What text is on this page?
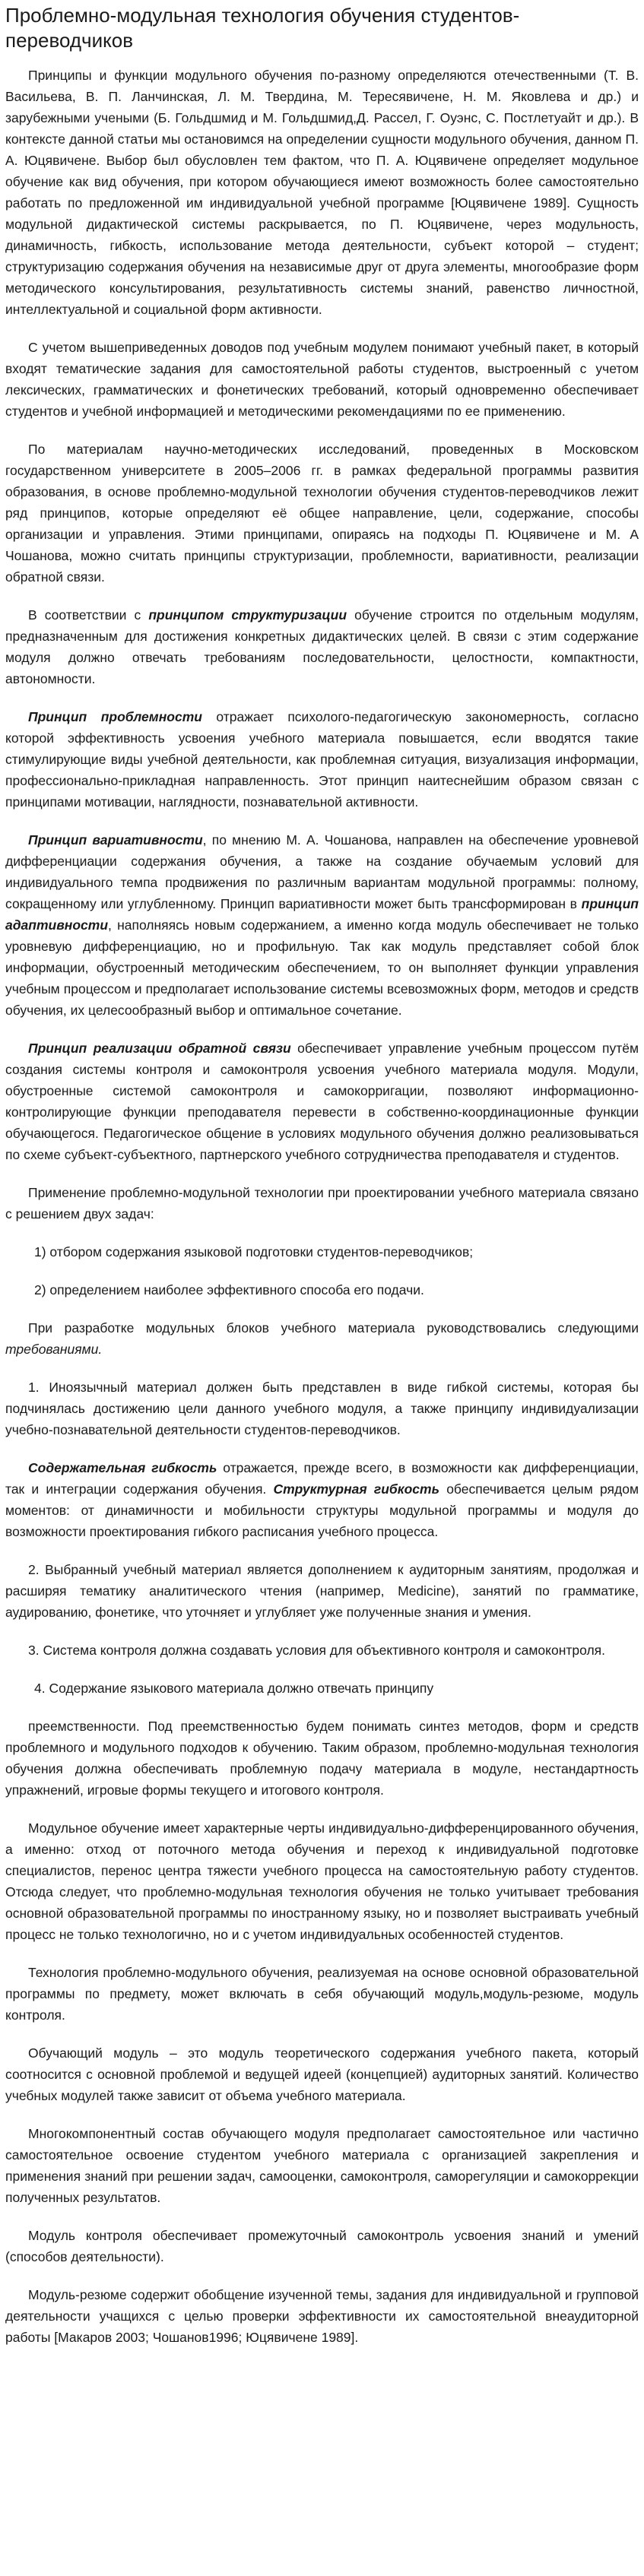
Проблемно-модульная технология обучения студентов-переводчиков

Принципы и функции модульного обучения по-разному определяются отечественными (Т. В. Васильева, В. П. Ланчинская, Л. М. Твердина, М. Тересявичене, Н. М. Яковлева и др.) и зарубежными учеными (Б. Гольдшмид и М. Гольдшмид,Д. Рассел, Г. Оуэнс, С. Постлетуайт и др.). В контексте данной статьи мы остановимся на определении сущности модульного обучения, данном П. А. Юцявичене. Выбор был обусловлен тем фактом, что П. А. Юцявичене определяет модульное обучение как вид обучения, при котором обучающиеся имеют возможность более самостоятельно работать по предложенной им индивидуальной учебной программе [Юцявичене 1989]. Сущность модульной дидактической системы раскрывается, по П. Юцявичене, через модульность, динамичность, гибкость, использование метода деятельности, субъект которой – студент; структуризацию содержания обучения на независимые друг от друга элементы, многообразие форм методического консультирования, результативность системы знаний, равенство личностной, интеллектуальной и социальной форм активности.

С учетом вышеприведенных доводов под учебным модулем понимают учебный пакет, в который входят тематические задания для самостоятельной работы студентов, выстроенный с учетом лексических, грамматических и фонетических требований, который одновременно обеспечивает студентов и учебной информацией и методическими рекомендациями по ее применению.

По материалам научно-методических исследований, проведенных в Московском государственном университете в 2005–2006 гг. в рамках федеральной программы развития образования, в основе проблемно-модульной технологии обучения студентов-переводчиков лежит ряд принципов, которые определяют её общее направление, цели, содержание, способы организации и управления. Этими принципами, опираясь на подходы П. Юцявичене и М. А Чошанова, можно считать принципы структуризации, проблемности, вариативности, реализации обратной связи.

В соответствии с принципом структуризации обучение строится по отдельным модулям, предназначенным для достижения конкретных дидактических целей. В связи с этим содержание модуля должно отвечать требованиям последовательности, целостности, компактности, автономности.

Принцип проблемности отражает психолого-педагогическую закономерность, согласно которой эффективность усвоения учебного материала повышается, если вводятся такие стимулирующие виды учебной деятельности, как проблемная ситуация, визуализация информации, профессионально-прикладная направленность. Этот принцип наитеснейшим образом связан с принципами мотивации, наглядности, познавательной активности.

Принцип вариативности, по мнению М. А. Чошанова, направлен на обеспечение уровневой дифференциации содержания обучения, а также на создание обучаемым условий для индивидуального темпа продвижения по различным вариантам модульной программы: полному, сокращенному или углубленному. Принцип вариативности может быть трансформирован в принцип адаптивности, наполняясь новым содержанием, а именно когда модуль обеспечивает не только уровневую дифференциацию, но и профильную. Так как модуль представляет собой блок информации, обустроенный методическим обеспечением, то он выполняет функции управления учебным процессом и предполагает использование системы всевозможных форм, методов и средств обучения, их целесообразный выбор и оптимальное сочетание.

Принцип реализации обратной связи обеспечивает управление учебным процессом путём создания системы контроля и самоконтроля усвоения учебного материала модуля. Модули, обустроенные системой самоконтроля и самокорригации, позволяют информационно-контролирующие функции преподавателя перевести в собственно-координационные функции обучающегося. Педагогическое общение в условиях модульного обучения должно реализовываться по схеме субъект-субъектного, партнерского учебного сотрудничества преподавателя и студентов.

Применение проблемно-модульной технологии при проектировании учебного материала связано с решением двух задач:

1) отбором содержания языковой подготовки студентов-переводчиков;

2) определением наиболее эффективного способа его подачи.

При разработке модульных блоков учебного материала руководствовались следующими требованиями.

1. Иноязычный материал должен быть представлен в виде гибкой системы, которая бы подчинялась достижению цели данного учебного модуля, а также принципу индивидуализации учебно-познавательной деятельности студентов-переводчиков.

Содержательная гибкость отражается, прежде всего, в возможности как дифференциации, так и интеграции содержания обучения. Структурная гибкость обеспечивается целым рядом моментов: от динамичности и мобильности структуры модульной программы и модуля до возможности проектирования гибкого расписания учебного процесса.

2. Выбранный учебный материал является дополнением к аудиторным занятиям, продолжая и расширяя тематику аналитического чтения (например, Medicine), занятий по грамматике, аудированию, фонетике, что уточняет и углубляет уже полученные знания и умения.

3. Система контроля должна создавать условия для объективного контроля и самоконтроля.

4. Содержание языкового материала должно отвечать принципу

преемственности. Под преемственностью будем понимать синтез методов, форм и средств проблемного и модульного подходов к обучению. Таким образом, проблемно-модульная технология обучения должна обеспечивать проблемную подачу материала в модуле, нестандартность упражнений, игровые формы текущего и итогового контроля.

Модульное обучение имеет характерные черты индивидуально-дифференцированного обучения, а именно: отход от поточного метода обучения и переход к индивидуальной подготовке специалистов, перенос центра тяжести учебного процесса на самостоятельную работу студентов. Отсюда следует, что проблемно-модульная технология обучения не только учитывает требования основной образовательной программы по иностранному языку, но и позволяет выстраивать учебный процесс не только технологично, но и с учетом индивидуальных особенностей студентов.

Технология проблемно-модульного обучения, реализуемая на основе основной образовательной программы по предмету, может включать в себя обучающий модуль,модуль-резюме, модуль контроля.

Обучающий модуль – это модуль теоретического содержания учебного пакета, который соотносится с основной проблемой и ведущей идеей (концепцией) аудиторных занятий. Количество учебных модулей также зависит от объема учебного материала.

Многокомпонентный состав обучающего модуля предполагает самостоятельное или частично самостоятельное освоение студентом учебного материала с организацией закрепления и применения знаний при решении задач, самооценки, самоконтроля, саморегуляции и самокоррекции полученных результатов.

Модуль контроля обеспечивает промежуточный самоконтроль усвоения знаний и умений (способов деятельности).

Модуль-резюме содержит обобщение изученной темы, задания для индивидуальной и групповой деятельности учащихся с целью проверки эффективности их самостоятельной внеаудиторной работы [Макаров 2003; Чошанов1996; Юцявичене 1989].
